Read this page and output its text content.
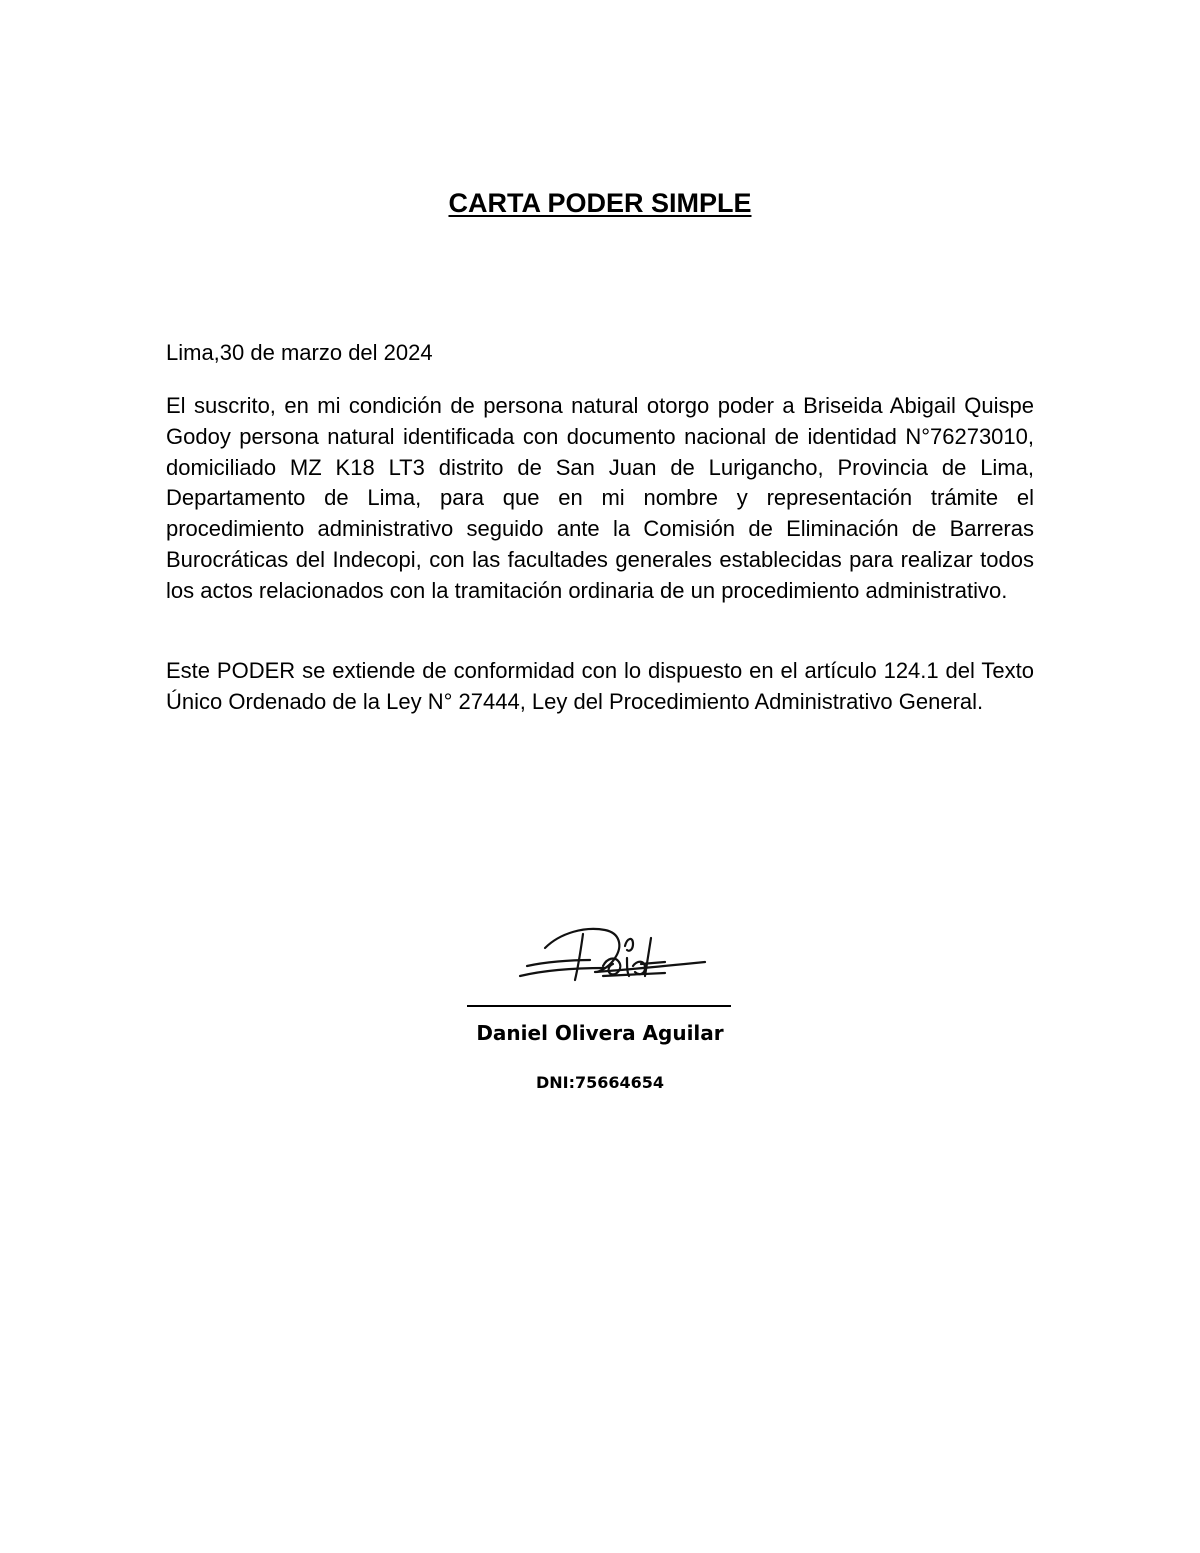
CARTA PODER SIMPLE

Lima,30 de marzo del 2024

El suscrito, en mi condición de persona natural otorgo poder a Briseida Abigail Quispe Godoy persona natural identificada con documento nacional de identidad N°76273010, domiciliado MZ K18 LT3 distrito de San Juan de Lurigancho, Provincia de Lima, Departamento de Lima, para que en mi nombre y representación trámite el procedimiento administrativo seguido ante la Comisión de Eliminación de Barreras Burocráticas del Indecopi, con las facultades generales establecidas para realizar todos los actos relacionados con la tramitación ordinaria de un procedimiento administrativo.

Este PODER se extiende de conformidad con lo dispuesto en el artículo 124.1 del Texto Único Ordenado de la Ley N° 27444, Ley del Procedimiento Administrativo General.

Daniel Olivera Aguilar

DNI:75664654
